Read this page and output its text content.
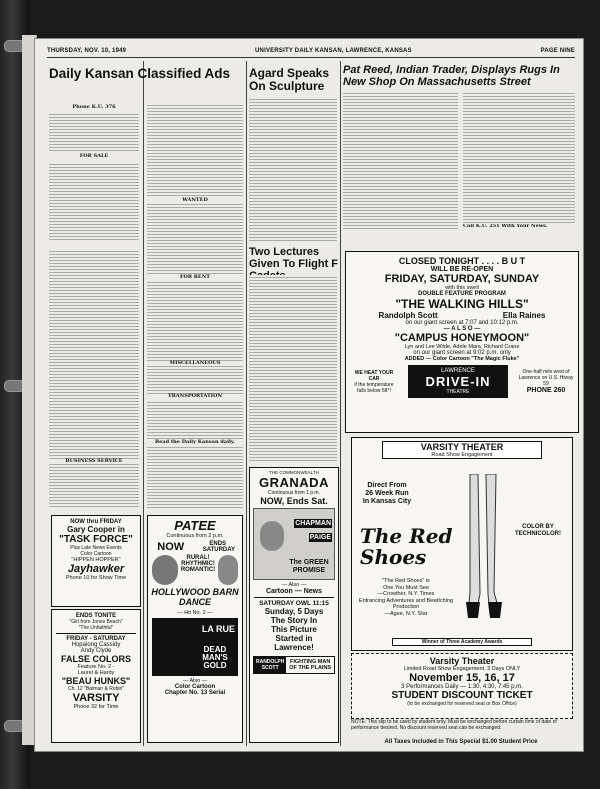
THURSDAY, NOV. 10, 1949	UNIVERSITY DAILY KANSAN, LAWRENCE, KANSAS	PAGE NINE
Daily Kansan Classified Ads
Phone K.U. 376
FOR SALE
BUSINESS SERVICE
WANTED
FOR RENT
MISCELLANEOUS
TRANSPORTATION
Read the Daily Kansan daily.
Agard Speaks On Sculpture
Two Lectures Given To Flight F
Pat Reed, Indian Trader, Displays Rugs In New Shop On Massachusetts Street
Call K.U. 251 With Your News.
NOW thru FRIDAY
Gary Cooper in
"TASK FORCE"
Plus Late News Events
Color Cartoon
"HIPPEN HOPPER"
Jayhawker
Phone 10 for Show Time
ENDS TONITE
"Girl from Jones Beach"
"The Unfaithful"
FRIDAY - SATURDAY
Hopalong Cassidy
Andy Clyde
FALSE COLORS
Feature No. 2 -
Laurel & Hardy
"BEAU HUNKS"
Ch. 12 "Batman & Robin"
VARSITY
Phone 32 for Time
PATEE
Continuous from 2 p.m.
NOW	ENDS SATURDAY
RURAL!
RHYTHMIC!
ROMANTIC!
HOLLYWOOD BARN DANCE
— Hit No. 2 —
LA RUE
DEAD MAN'S GOLD
— Also —
Color Cartoon
Chapter No. 13 Serial
THE COMMONWEALTH
GRANADA
Continuous from 1 p.m.
NOW, Ends Sat.
CHAPMAN
PAIGE
The GREEN PROMISE
— Also —
Cartoon — News
SATURDAY OWL 11:15
Sunday, 5 Days
The Story In
This Picture
Started in
Lawrence!
RANDOLPH SCOTT
FIGHTING MAN OF THE PLAINS
CLOSED TONIGHT . . . . B U T
WILL BE RE-OPEN
FRIDAY, SATURDAY, SUNDAY
with this swell
DOUBLE FEATURE PROGRAM
"THE WALKING HILLS"
Randolph Scott	Ella Raines
on our giant screen at 7:07 and 10:12 p.m.
— A L S O —
"CAMPUS HONEYMOON"
Lyn and Lee Wilde, Adele Mara, Richard Crane
on our giant screen at 9:02 p.m. only
ADDED — Color Cartoon "The Magic Fluke"
WE HEAT YOUR CAR
if the temperature falls below 58°!
LAWRENCE
DRIVE-IN
THEATRE
One-half mile west of Lawrence on U.S. Hiway 59
PHONE 260
VARSITY THEATER
Road Show Engagement
Direct From
26 Week Run
In Kansas City
The Red Shoes
COLOR BY TECHNICOLOR!
"The Red Shoes" is
One You Must See
—Crowther, N.Y. Times
Entrancing Adventures and Bewitching Production
—Agee, N.Y. Star
Winner of Three Academy Awards
Varsity Theater
Limited Road Show Engagement, 3 Days ONLY
November 15, 16, 17
3 Performances Daily — 1:30, 4:30, 7:45 p.m.
STUDENT DISCOUNT TICKET
(to be exchanged for reserved seat or Box Office)
NOTE: This slip to be used by student only. Must be exchanged before curtain time of date of performance desired. No discount reserved seat can be exchanged.
All Taxes Included in This Special $1.00 Student Price
